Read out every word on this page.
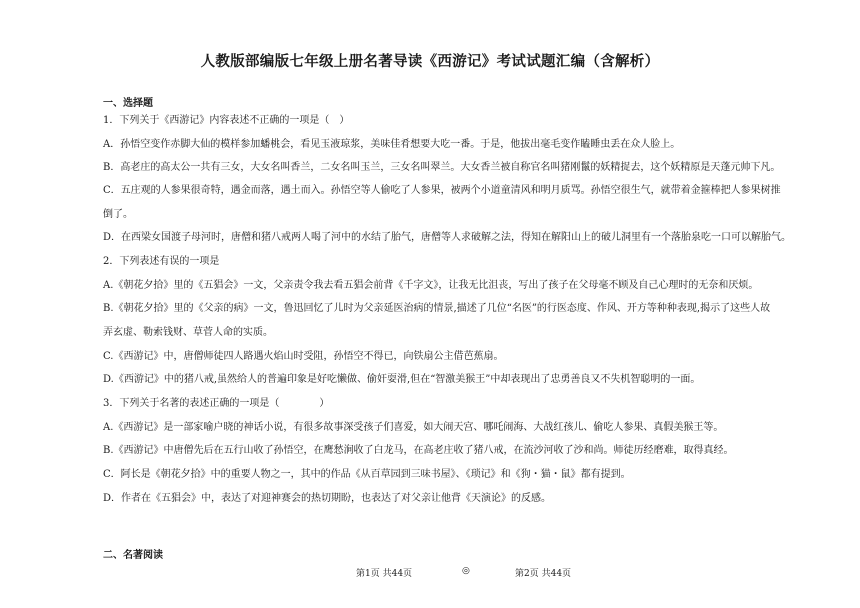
人教版部编版七年级上册名著导读《西游记》考试试题汇编（含解析）
一、选择题
1．下列关于《西游记》内容表述不正确的一项是（　）
A．孙悟空变作赤脚大仙的模样参加蟠桃会，看见玉液琼浆，美味佳肴想要大吃一番。于是，他拔出毫毛变作瞌睡虫丢在众人脸上。
B．高老庄的高太公一共有三女，大女名叫香兰，二女名叫玉兰，三女名叫翠兰。大女香兰被自称官名叫猪刚鬣的妖精捉去，这个妖精原是天蓬元帅下凡。
C．五庄观的人参果很奇特，遇金而落，遇土而入。孙悟空等人偷吃了人参果，被两个小道童清风和明月质骂。孙悟空很生气，就带着金箍棒把人参果树推
倒了。
D．在西梁女国渡子母河时，唐僧和猪八戒两人喝了河中的水结了胎气，唐僧等人求破解之法，得知在解阳山上的破儿洞里有一个落胎泉吃一口可以解胎气。
2．下列表述有误的一项是
A.《朝花夕拾》里的《五猖会》一文，父亲责令我去看五猖会前背《千字文》，让我无比沮丧，写出了孩子在父母毫不顾及自己心理时的无奈和厌烦。
B.《朝花夕拾》里的《父亲的病》一文，鲁迅回忆了儿时为父亲延医治病的情景,描述了几位“名医”的行医态度、作风、开方等种种表现,揭示了这些人故
弄玄虚、勒索钱财、草菅人命的实质。
C.《西游记》中，唐僧师徒四人路遇火焰山时受阻，孙悟空不得已，向铁扇公主借芭蕉扇。
D.《西游记》中的猪八戒,虽然给人的普遍印象是好吃懒做、偷奸耍滑,但在“智激美猴王”中却表现出了忠勇善良又不失机智聪明的一面。
3．下列关于名著的表述正确的一项是（　　　　）
A.《西游记》是一部家喻户晓的神话小说，有很多故事深受孩子们喜爱，如大闹天宫、哪吒闹海、大战红孩儿、偷吃人参果、真假美猴王等。
B.《西游记》中唐僧先后在五行山收了孙悟空，在鹰愁涧收了白龙马，在高老庄收了猪八戒，在流沙河收了沙和尚。师徒历经磨难，取得真经。
C．阿长是《朝花夕拾》中的重要人物之一，其中的作品《从百草园到三味书屋》、《琐记》和《狗・猫・鼠》都有提到。
D．作者在《五猖会》中，表达了对迎神赛会的热切期盼，也表达了对父亲让他背《天演论》的反感。
二、名著阅读
第1页 共44页	◎	第2页 共44页
